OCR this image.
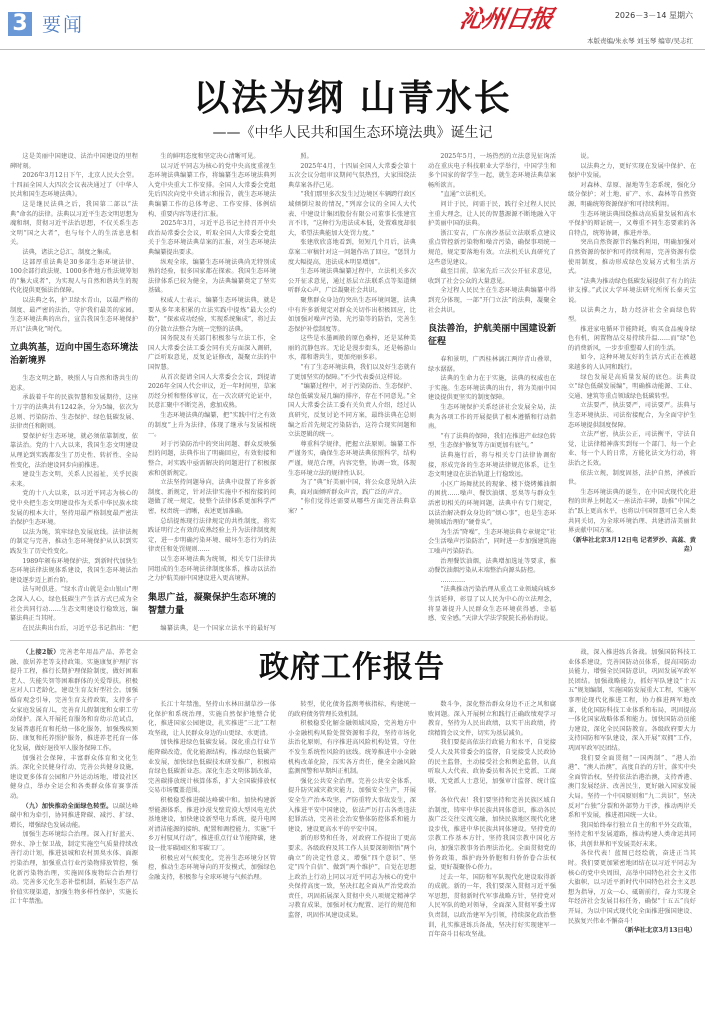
3 要闻	沁州日报	2026－3－14 星期六
本版责编/朱永琴 刘玉琴 编审/吴志红
以法为纲 山青水长
——《中华人民共和国生态环境法典》诞生记
政府工作报告

这是美丽中国建设、法治中国建设的里程碑时刻。

2026年3月12日下午，北京人民大会堂。十四届全国人大四次会议表决通过了《中华人民共和国生态环境法典》。

这是继民法典之后，我国第二部以“法典”命名的法律。法典以习近平生态文明思想为魂和纲，贯彻习近平法治思想，不仅关系生态文明“国之大者”，也与每个人的生活息息相关。

法典，诸法之总汇，制度之集成。

这部厚重法典是30多部生态环境法律、100余部行政法规、1000多件地方性法规筹划的“集大成者”，为实现人与自然和谐共生的现代化提供更强法治保障。

以法典之名，护卫绿水青山，以最严格的制度、最严密的法治，守护我们最美的家园。生态环境法典的出台，宣告我国生态环境保护开启“法典化”时代。

立典筑基，迈向中国生态环境法治新境界

生态文明之路，映照人与自然和谐共生的追求。

承载着千年的民族智慧和发展期待，这座十万字的法典共有1242条，分为5编，依次为总则、污染防治、生态保护、绿色低碳发展、法律责任和附则。

要保护好生态环境，就必须依靠制度，依靠法治。党的十八大以来，我国生态文明建设从理论到实践都发生了历史性、转折性、全局性变化，法治建设同步向前推进。

建设生态文明，关系人民福祉，关乎民族未来。

党的十八大以来，以习近平同志为核心的党中央把生态文明建设作为关系中华民族永续发展的根本大计，坚持用最严格制度最严密法治保护生态环境。

以法为绳，筑牢绿色发展底线。法律法规的制定与完善，推动生态环境保护从认识到实践发生了历史性变化。

1989年颁布环境保护法，到新时代加快生态环境法律法规体系建设，我国生态环境法治建设逐步迈上新台阶。

法与时俱进。“绿水青山就是金山银山”理念深入人心，绿色低碳生产生活方式已成为全社会共同行动……生态文明建设行稳致远，编纂法典正当其时。

在民法典出台后，习近平总书记指出：“把

生的鲜明态度和坚定决心清晰可见。

以习近平同志为核心的党中央高度重视生态环境法典编纂工作，将编纂生态环境法典列入党中央重大工作安排。全国人大常委会党组先后四次向党中央请示和报告，就生态环境法典编纂工作的总体考虑、工作安排、体例结构、重要内容等进行汇报。

2025年3月，习近平总书记主持召开中央政治局常委会会议，听取全国人大常委会党组关于生态环境法典草案的汇报，对生态环境法典编纂提出要求。

纵观全球，编纂生态环境法典尚无特别成熟的经验，很多国家都在探索。我国生态环境法律体系已较为健全，为法典编纂奠定了坚实基础。

权威人士表示，编纂生态环境法典，就是要从多年来积累的立法实践中提炼“最大公约数”，“探索成功经验，实现系统集成”，将过去的分散立法整合为统一完整的法典。

国务院及有关部门积极参与立法工作，全国人大常委会法工委会同有关方面深入调研，广泛听取意见，反复论证修改，凝聚立法的中国智慧。

从首次提请全国人大常委会会议，到提请2026年全国人代会审议，近一年时间里，草案历经分析和整体审议，在一次次研究论证中，民意汇聚中不断完善，愈加成熟。

生态环境法典的编纂，把“实践中行之有效的制度”上升为法律，体现了继承与发展相统一。

对于污染防治中的突出问题、群众反映强烈的问题，法典作出了明确回应，有效衔接和整合，对实践中亟需解决的问题进行了积极探索和创新规定。

立法坚持问题导向，法典中设置了许多新制度、新规定，针对法律实施中不相衔接的问题做了统一规定，使整个法律体系更加科学严密，权责统一清晰，表述更加准确。

总结提炼现行法律规定的共性制度，将实践证明行之有效的成熟经验上升为法律制度规定，进一步明确污染环境、破坏生态行为的法律责任和处罚规则……

以生态环境法典为统领，相关专门法律共同组成的生态环境法律制度体系，推动以法治之力护航美丽中国建设进入更高境界。

集思广益，凝聚保护生态环境的智慧力量

编纂法典，是一个国家立法水平的最好写

照。

2025年4月，十四届全国人大常委会第十五次会议分组审议期间气氛热烈，大家围绕法典草案各抒己见。

“我们那里多次发生过边境区车辆跨行政区域倾倒垃圾的情况，”列席会议的全国人大代表、中建设计集团股份有限公司董事长张建宜言不讳，“这种行为违法成本低，处置难度却很大，希望法典能加大处罚力度。”

张建欣欣喜地看到，短短几个月后，法典草案二审稿针对这一问题作出了回应，“惩罚力度大幅提高，违法成本明显增加”。

生态环境法典编纂过程中，立法机关多次公开征求意见，通过基层立法联系点等渠道倾听群众心声，广泛凝聚社会共识。

聚焦群众身边的突出生态环境问题，法典中有许多新规定对群众关切作出积极回应，比如加强对噪声污染、光污染等的防治，完善生态保护补偿制度等。

这些是水墨画般的原色桑梓，还是某种美丽的沉静包容。无论是漫步街头，还是畅游山水，都和谐共生，更加亮丽多彩。

“有了生态环境法典，我们以及好生态就有了更加坚实的保障。”不少代表委员这样说。

“编纂过程中，对于污染防治、生态保护、绿色低碳发展几编的排序，存在不同意见。”全国人大常委会法工委有关负责人介绍，经过认真研究，反复讨论不同方案，最终法典在总则编之后首先规定污染防治，这符合现实问题和立法逻辑的统一。

尊重科学规律，把握立法原则。编纂工作严谨务实，确保生态环境法典依照科学，结构严谨，规范合理，内容完整，协调一致，体现生态环境立法的规律性认识。

为了“典”好美丽中国，将公众意见纳入法典，面对面倾听群众声音，践广泛的声音。

“你们觉得还需要从哪些方面完善法典草案？”

2025年5月，一场热烈的立法意见征询活动在重庆电子科技职业大学举行，中国学生和多个国家的留学生一起，就生态环境法典草案畅所欲言。

“直通”立法机关。

问计于民，问需于民，践行全过程人民民主重大理念，让人民的智慧源源不断地融入守护美丽中国的法典。

浙江安吉，广东南沙基层立法联系点建议重点管控新污染物和噪音污染，确保事项统一规范，规定要落地有效。立法机关认真研究了这些意见建议。

截至目前，草案先后三次公开征求意见，收到了社会公众的大量意见。

全过程人民民主在生态环境法典编纂中得到充分体现，一部“开门立法”的法典，凝聚全社会共识。

良法善治，护航美丽中国建设新征程

春和景明，广西桂林漓江两岸青山叠翠，绿水潺潺。

法典的生命力在于实施，法典的权威也在于实施。生态环境法典的出台，将为美丽中国建设提供更坚实的制度保障。

生态环境保护关系经济社会发展全局，法典为各项工作的开展提供了根本遵循和行动指南。

“有了法典的保障，我们在推进产业绿色转型、生态保护修复等方面更加有底气。”

法典施行后，将与相关专门法律协调衔接，形成完备的生态环境法律规范体系，让生态文明建设在法治轨道上行稳致远。

小区广场舞扰民的现象、楼下烧烤摊油烟的困扰……噪声、餐饮油烟、恶臭等与群众生活密切相关的环境问题，法典中有专门规定，以法治解决群众身边的“烦心事”，也是生态环境领域治理的“硬骨头”。

为生活“降噪”，生态环境法典专章规定“社会生活噪声污染防治”，同时进一步加强建筑施工噪声污染防治。

治理餐饮油烟，法典增加选址等要求，推动餐饮油烟污染从末端整治向源头防控。

…………

“法典推动污染治理从重点工业领域向城乡生活延伸，彰显了以人民为中心的立法理念，将显著提升人民群众生态环境获得感、幸福感、安全感。”天津大学法学院院长孙佑海说。

说。

以法典之力，更好实现在发展中保护、在保护中发展。

对森林、草原、湿地等生态系统，强化分级分保护；对土地、矿产、水、森林等自然资源，明确统筹资源保护和可持续利用。

生态环境法典围绕推动高质量发展和高水平保护的辩证统一，又尊重不同生态要素的各自特点，统筹协调，推进并举。

突出自然资源节约集约利用，明确加强对自然资源的保护和可持续利用，完善资源有偿使用制度，推动形成绿色发展方式和生活方式。

“法典为推动绿色低碳发展提供了有力的法律支撑。”武汉大学环境法研究所所长秦天宝说。

以法典之力，助力经济社会全面绿色转型。

推进家电循环节能降耗，购买食品瘦身绿色有机，闲置物品交易持续升温……而“绿”色的消费新风，一步步重塑着人们的生活。

如今，这种环境友好的生活方式正在被越来越多的人认同和践行。

绿色发展是高质量发展的底色。法典设立“绿色低碳发展编”，明确推动能源、工业、交通、建筑等重点领域绿色低碳转型。

立法要严，执法要严，司法要严。法典与生态环境执法、司法衔接配合，为全面守护生态环境提供制度保障。

立法严密，执法公正，司法衡平，守法自觉，让法律精神落实到每一个部门、每一个企业、每一个人的日常，方能化法文为行动，将法治之长效。

依法立规，制度固基，法护自然，泽被后世。

生态环境法典的诞生，在中国式现代化进程的世界上树起又一座法治丰碑，助推“中国之治”跃上更高水平，也将以中国智慧可已全人类共同关切，为全球环境治理、共建清洁美丽世界贡献中国方案。

（新华社北京3月12日电 记者罗沙、高蕊、黄垚）

（上接2版）完善老年用品产品、养老金融、旅居养老等支持政策。实施康复护理扩容提升工程，推行长期护理保险制度，做好困难老人、失能失智等困难群体的关爱帮扶。积极应对人口老龄化，建设生育友好型社会。加强婚育观念引导，完善生育支持政策，支持多子女家庭发展育儿，完善育儿假制度和女职工劳动保护。深入开展托育服务和育幼示范试点，发展普惠托育和托幼一体化服务，加强残疾预防、康复和托养照护服务，推进养老托育一体化发展，做好退役军人服务保障工作。

加强社会保障，丰富群众体育和文化生活。深化全民健身行动，完善公共健身设施，建设更多体育公园和户外运动场地，增设社区健身点，举办全运会和各类群众体育赛事活动。

（九）加快推动全面绿色转型。以碳达峰碳中和为牵引，协同推进降碳、减污、扩绿、增长，增强绿色发展动能。

加强生态环境综合治理。深入打好蓝天、碧水、净土保卫战，制定实施空气质量持续改善行动计划，推进县城和农村黑臭水体、面源污染治理，加强重点行业污染物排放管控，强化新污染物治理，实施固体废物综合治理行动。完善多元化生态补偿机制，拓展生态产品价值实现渠道，加强生物多样性保护，实施长江十年禁渔。

长江十年禁渔，坚持山水林田湖草沙一体化保护和系统治理，实施自然保护地整合优化，推进国家公园建设，扎实推进“三北”工程攻坚战，让人民群众身边的山更绿、水更清。

加快推进绿色低碳发展。深化重点行业节能降碳改造，优化能源结构，推动绿色低碳产业发展，加快绿色低碳技术研发推广，积极培育绿色低碳新业态。深化生态文明体制改革，完善碳排放统计核算体系，扩大全国碳排放权交易市场覆盖范围。

积极稳妥推进碳达峰碳中和。加快构建新型能源体系，推进沙漠戈壁荒漠大型风电光伏基地建设，加快建设新型电力系统，提升电网对清洁能源的接纳、配置和调控能力，实施“千乡万村驭风行动”，推进重点行业节能降碳，建设一批零碳园区和零碳工厂。

积极应对气候变化，完善生态环境分区管控，推动生态环境导向的开发模式，加强绿色金融支持，积极参与全球环境与气候治理。

转型，优化债务监测考核指标，构建统一的政府债务管理长效机制。

积极稳妥化解金融领域风险，完善地方中小金融机构风险处置资源和手段，坚持市场化法治化原则，有序推进高风险机构处置，守住不发生系统性风险的底线。统筹推进中小金融机构改革化险，压实各方责任，健全金融风险监测预警和早期纠正机制。

强化公共安全治理。完善公共安全体系，提升防灾减灾救灾能力，加强安全生产，开展安全生产治本攻坚，严防重特大事故发生，深入推进平安中国建设，依法严厉打击各类违法犯罪活动，完善社会治安整体防控体系和能力建设，建设更高水平的平安中国。

新的形势和任务，对政府工作提出了更高要求。各级政府及其工作人员要深刻领悟“两个确立”的决定性意义，增强“四个意识”、坚定“四个自信”、做到“两个维护”，自觉在思想上政治上行动上同以习近平同志为核心的党中央保持高度一致，坚决扛起全面从严治党政治责任，巩固拓展深入贯彻中央八项规定精神学习教育成果，加强对权力配置、运行的规范和监督，巩固作风建设成果。

数斗争，深化整治群众身边不正之风和腐败问题。深入开展树立和践行正确政绩观学习教育，坚持为人民出政绩，以实干出政绩，持续精简会议文件，切实为基层减负。

我们要提高依法行政能力和水平，自觉接受人大及其常委会的监督，自觉接受人民政协的民主监督，主动接受社会和舆论监督，认真听取人大代表、政协委员和各民主党派、工商联、无党派人士意见，加强审计监督、统计监督。

各位代表！我们要坚持和完善民族区域自治制度，铸牢中华民族共同体意识，推动各民族广泛交往交流交融，加快民族地区现代化建设步伐，推进中华民族共同体建设。坚持党的宗教工作基本方针，坚持我国宗教中国化方向，加强宗教事务治理法治化。全面贯彻党的侨务政策，维护海外侨胞和归侨侨眷合法权益，更好凝聚侨心侨力。

过去一年，国防和军队现代化建设取得新的成就。新的一年，我们要深入贯彻习近平强军思想，贯彻新时代军事战略方针，坚持党对人民军队的绝对领导，全面深入贯彻军委主席负责制，以政治建军为引领，持续深化政治整训，扎实推进练兵备战，坚决打好实现建军一百年奋斗目标攻坚战。

战，深入推进练兵备战。加强国防科技工业体系建设，完善国防动员体系，提高国防动员能力，增强全民国防意识，巩固发展军政军民团结。加强战略能力，抓好军队建设“十五五”规划编制，实施国防发展重大工程，实施军事理论现代化推进工程，协力推进两军地改革，优化国防科技工业体系和布局，巩固提高一体化国家战略体系和能力。加快国防动员能力建设，深化全民国防教育。各级政府要大力支持国防和军队建设，深入开展“双拥”工作，巩固军政军民团结。

我们要全面贯彻“一国两制”、“港人治港”、“澳人治澳”，高度自治的方针，落实中央全面管治权，坚持依法治港治澳，支持香港、澳门发展经济、改善民生，更好融入国家发展大局。坚持一个中国原则和“九二共识”，坚决反对“台独”分裂和外部势力干涉，推动两岸关系和平发展，推进祖国统一大业。

我国始终奉行独立自主的和平外交政策，坚持走和平发展道路，推动构建人类命运共同体，共创世界和平发展美好未来。

各位代表！蓝图已经绘就，奋进正当其时。我们要更加紧密地团结在以习近平同志为核心的党中央周围，高举中国特色社会主义伟大旗帜，以习近平新时代中国特色社会主义思想为指导，万众一心、砥砺前行，奋力实现全年经济社会发展目标任务，确保“十五五”良好开局，为以中国式现代化全面推进强国建设、民族复兴伟业不懈奋斗！

（新华社北京3月13日电）
